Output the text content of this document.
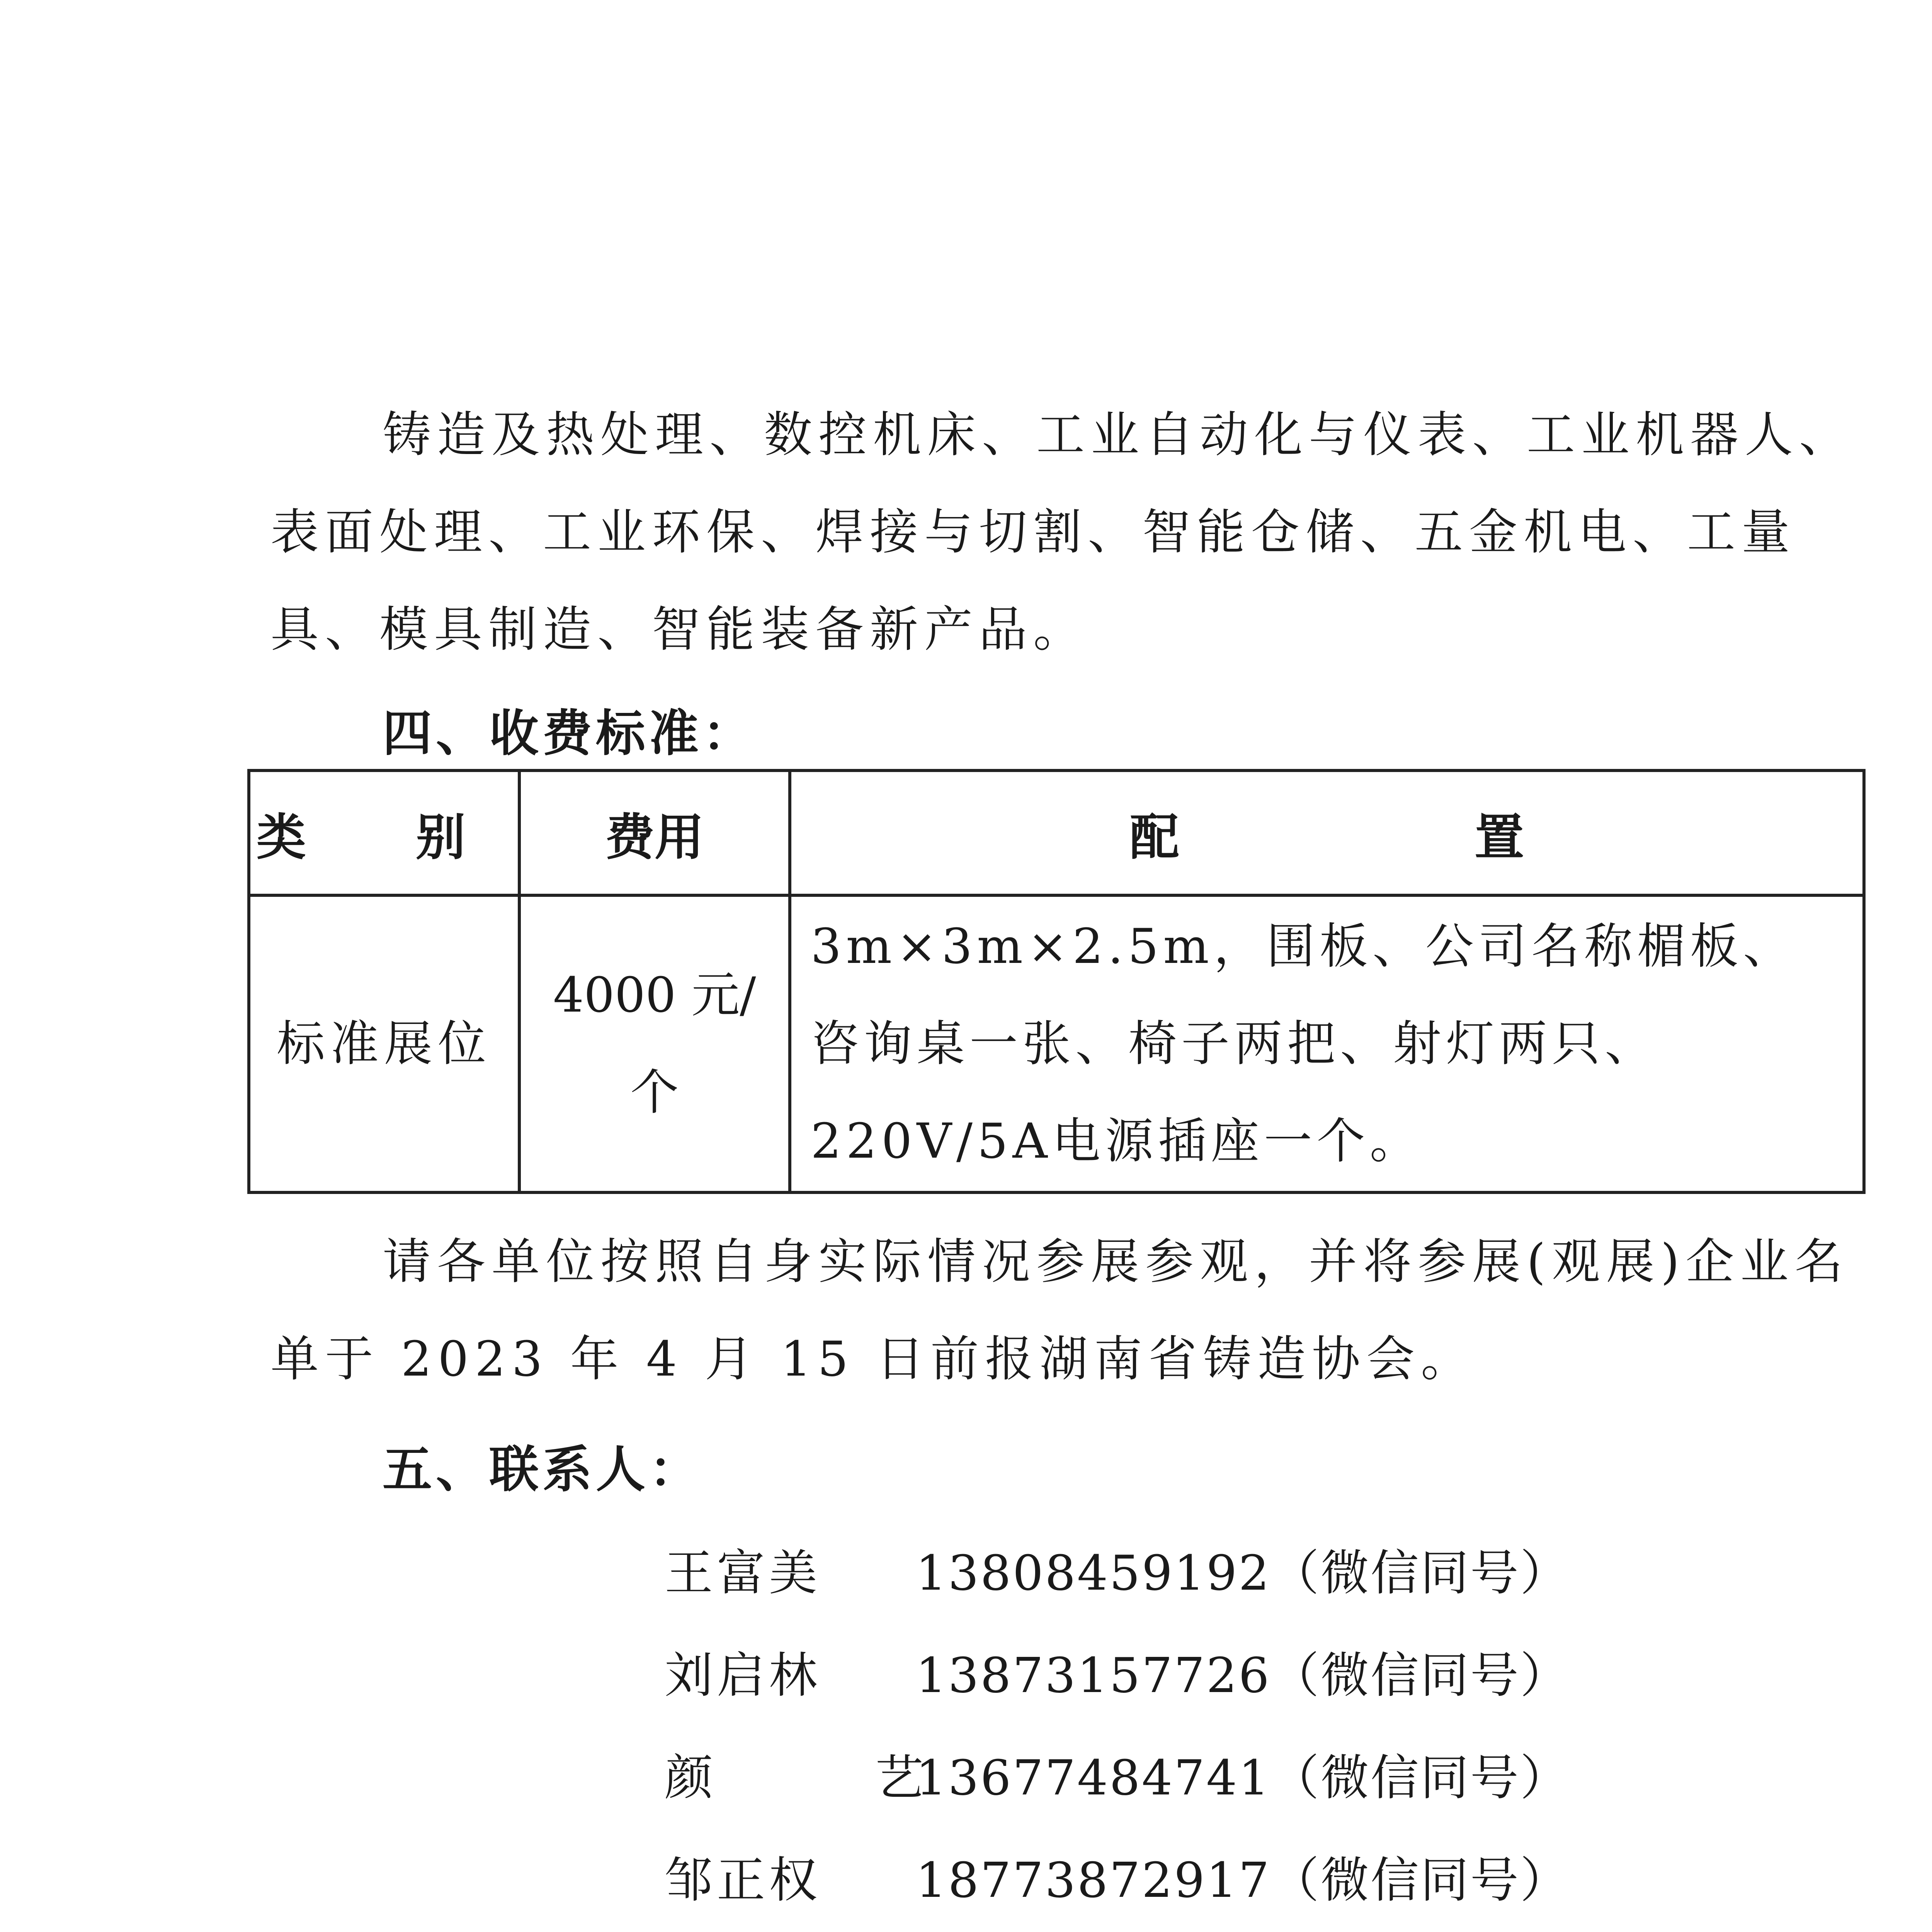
铸造及热处理、数控机床、工业自动化与仪表、工业机器人、表面处理、工业环保、焊接与切割、智能仓储、五金机电、工量具、模具制造、智能装备新产品。

四、收费标准：

类 别	费用	配 置
标准展位	4000 元/个	3m×3m×2.5m，围板、公司名称楣板、咨询桌一张、椅子两把、射灯两只、220V/5A电源插座一个。

请各单位按照自身实际情况参展参观，并将参展(观展)企业名单于 2023 年 4 月 15 日前报湖南省铸造协会。

五、联系人：

王富美 13808459192（微信同号）

刘启林 13873157726（微信同号）

颜 艺13677484741（微信同号）

邹正权 18773872917（微信同号）
